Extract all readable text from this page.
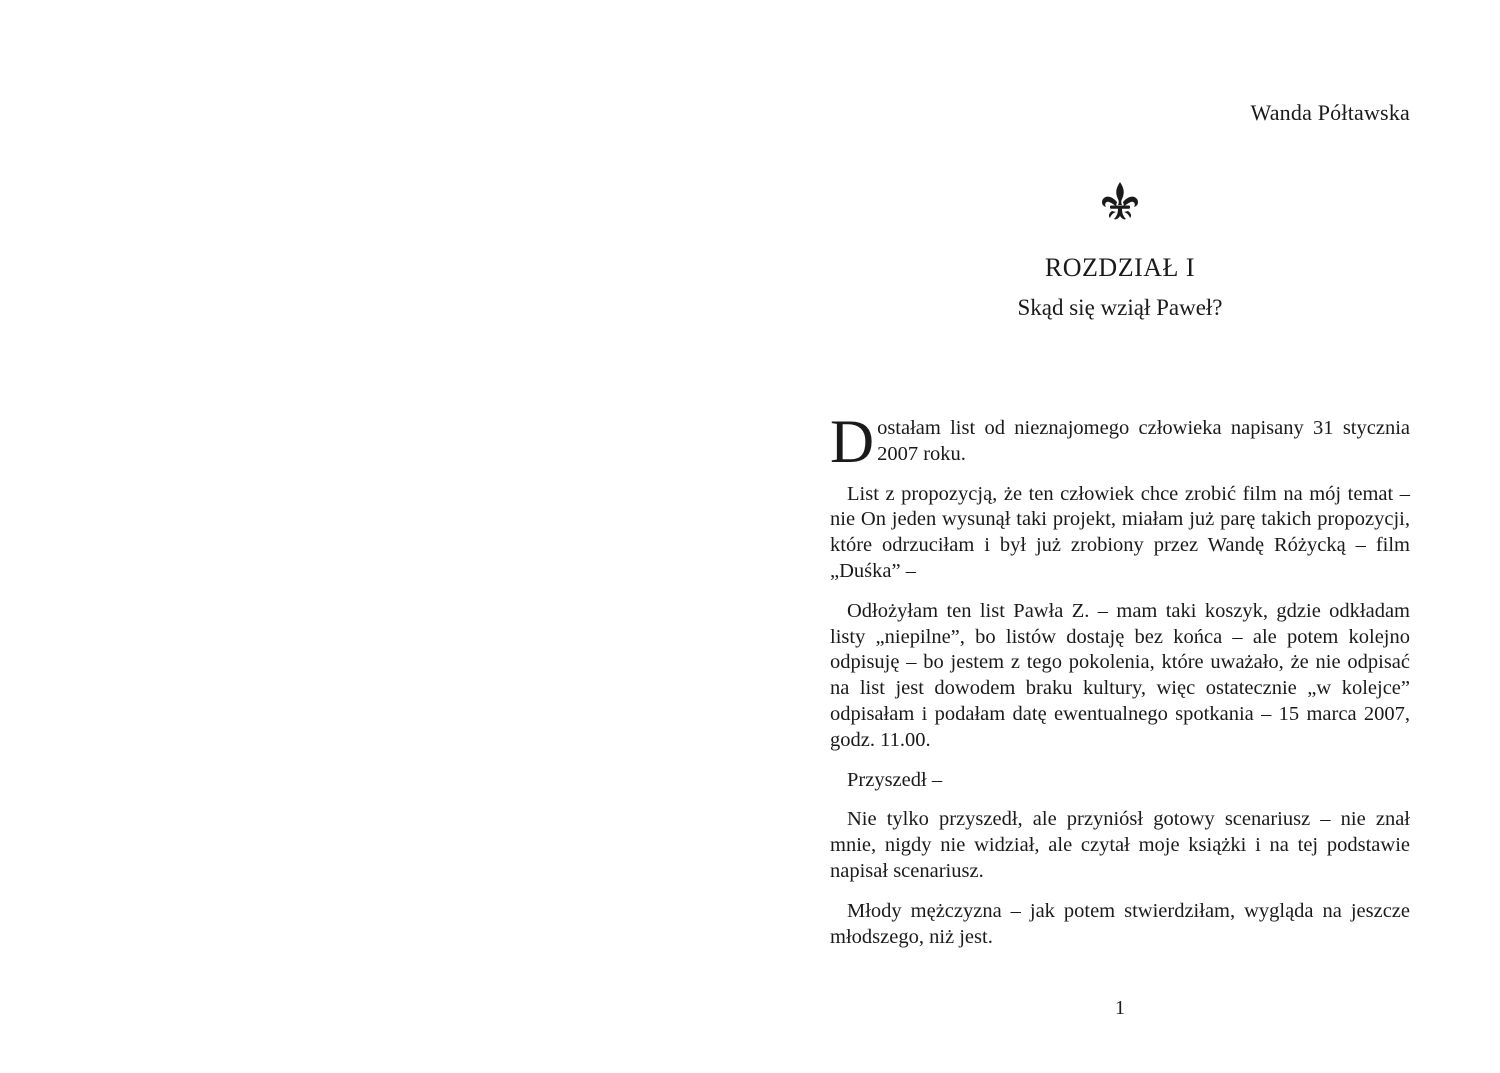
Wanda Półtawska
ROZDZIAŁ I
Skąd się wziął Paweł?

Dostałam list od nieznajomego człowieka napisany 31 stycznia 2007 roku.

List z propozycją, że ten człowiek chce zrobić film na mój temat – nie On jeden wysunął taki projekt, miałam już parę takich propozycji, które odrzuciłam i był już zrobiony przez Wandę Różycką – film „Duśka” –

Odłożyłam ten list Pawła Z. – mam taki koszyk, gdzie odkładam listy „niepilne”, bo listów dostaję bez końca – ale potem kolejno odpisuję – bo jestem z tego pokolenia, które uważało, że nie odpisać na list jest dowodem braku kultury, więc ostatecznie „w kolejce” odpisałam i podałam datę ewentualnego spotkania – 15 marca 2007, godz. 11.00.

Przyszedł –

Nie tylko przyszedł, ale przyniósł gotowy scenariusz – nie znał mnie, nigdy nie widział, ale czytał moje książki i na tej podstawie napisał scenariusz.

Młody mężczyzna – jak potem stwierdziłam, wygląda na jeszcze młodszego, niż jest.

1
